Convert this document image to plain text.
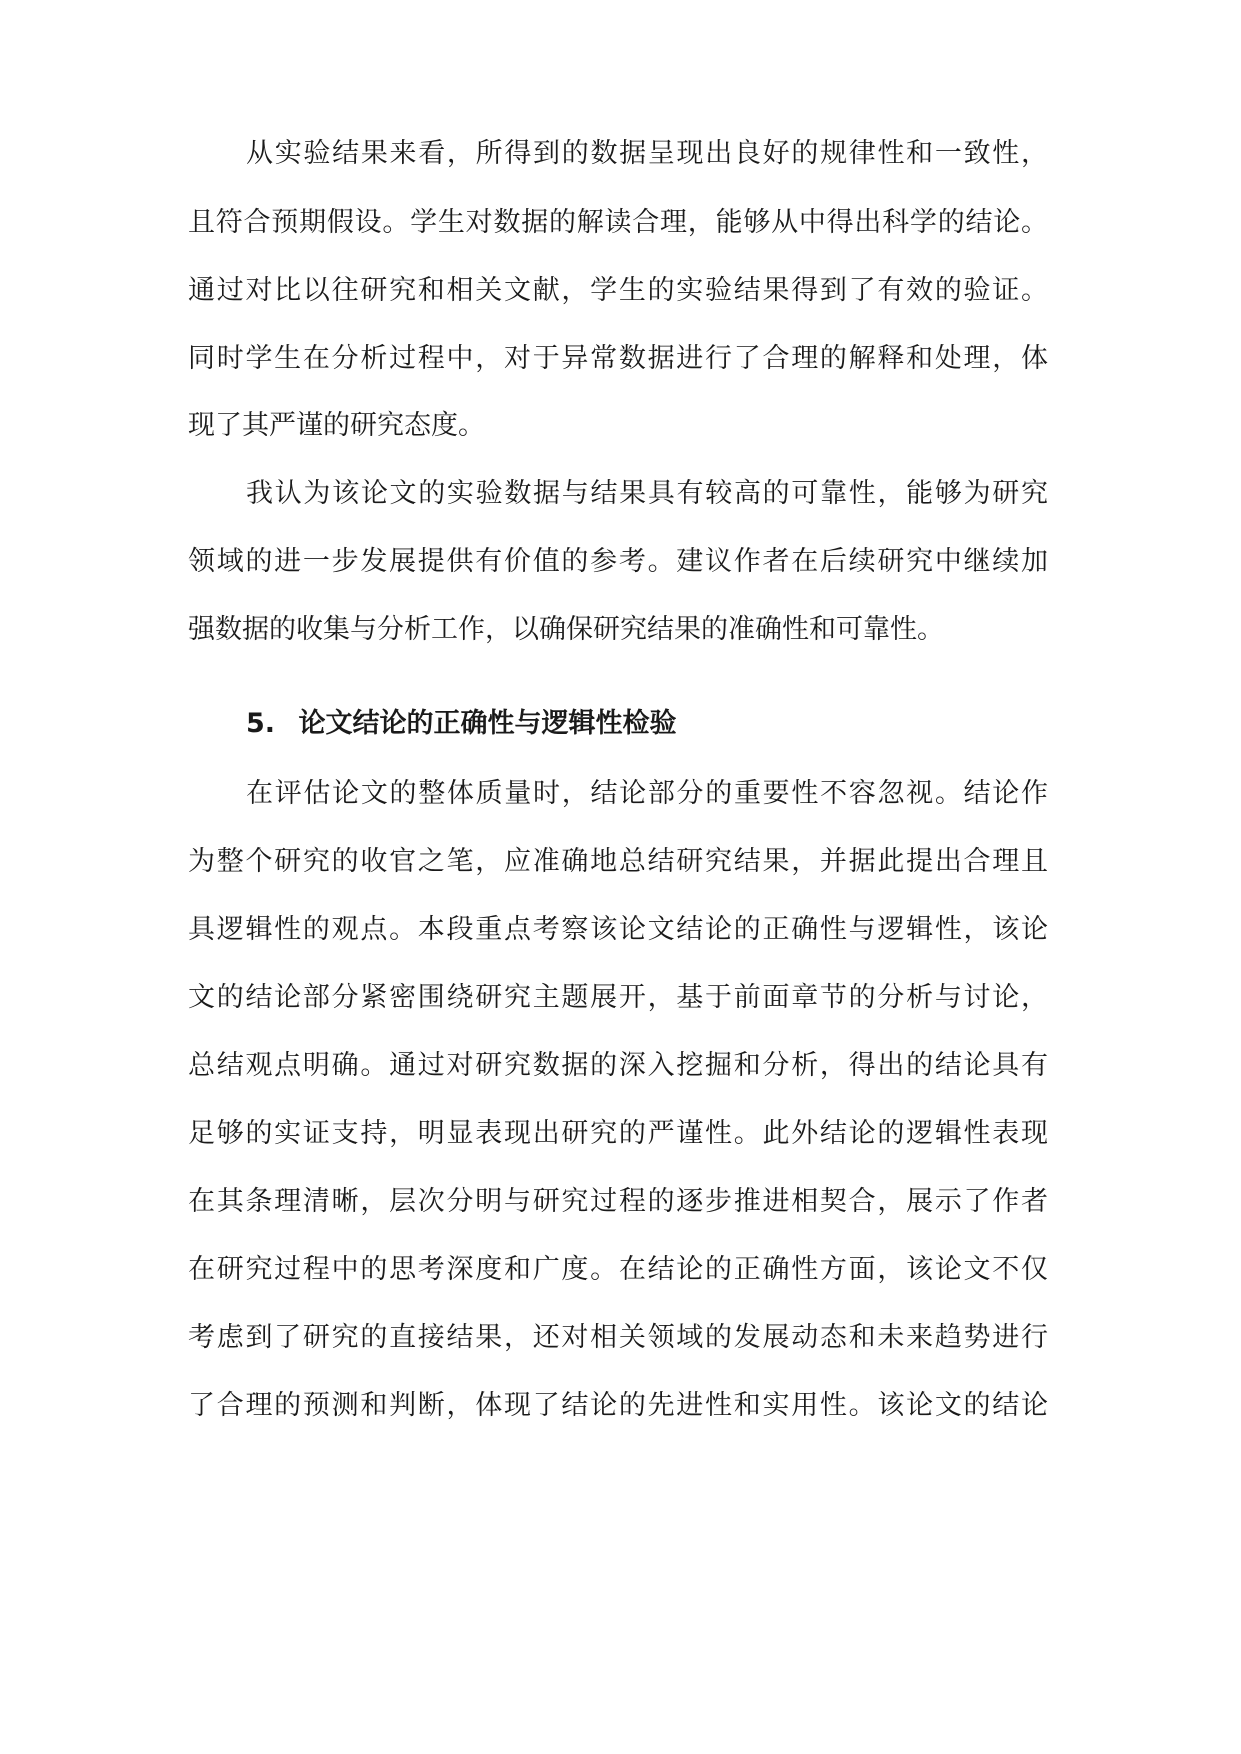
从实验结果来看，所得到的数据呈现出良好的规律性和一致性，
且符合预期假设。学生对数据的解读合理，能够从中得出科学的结论。
通过对比以往研究和相关文献，学生的实验结果得到了有效的验证。
同时学生在分析过程中，对于异常数据进行了合理的解释和处理，体
现了其严谨的研究态度。
我认为该论文的实验数据与结果具有较高的可靠性，能够为研究
领域的进一步发展提供有价值的参考。建议作者在后续研究中继续加
强数据的收集与分析工作，以确保研究结果的准确性和可靠性。
5. 论文结论的正确性与逻辑性检验
在评估论文的整体质量时，结论部分的重要性不容忽视。结论作
为整个研究的收官之笔，应准确地总结研究结果，并据此提出合理且
具逻辑性的观点。本段重点考察该论文结论的正确性与逻辑性，该论
文的结论部分紧密围绕研究主题展开，基于前面章节的分析与讨论，
总结观点明确。通过对研究数据的深入挖掘和分析，得出的结论具有
足够的实证支持，明显表现出研究的严谨性。此外结论的逻辑性表现
在其条理清晰，层次分明与研究过程的逐步推进相契合，展示了作者
在研究过程中的思考深度和广度。在结论的正确性方面，该论文不仅
考虑到了研究的直接结果，还对相关领域的发展动态和未来趋势进行
了合理的预测和判断，体现了结论的先进性和实用性。该论文的结论
